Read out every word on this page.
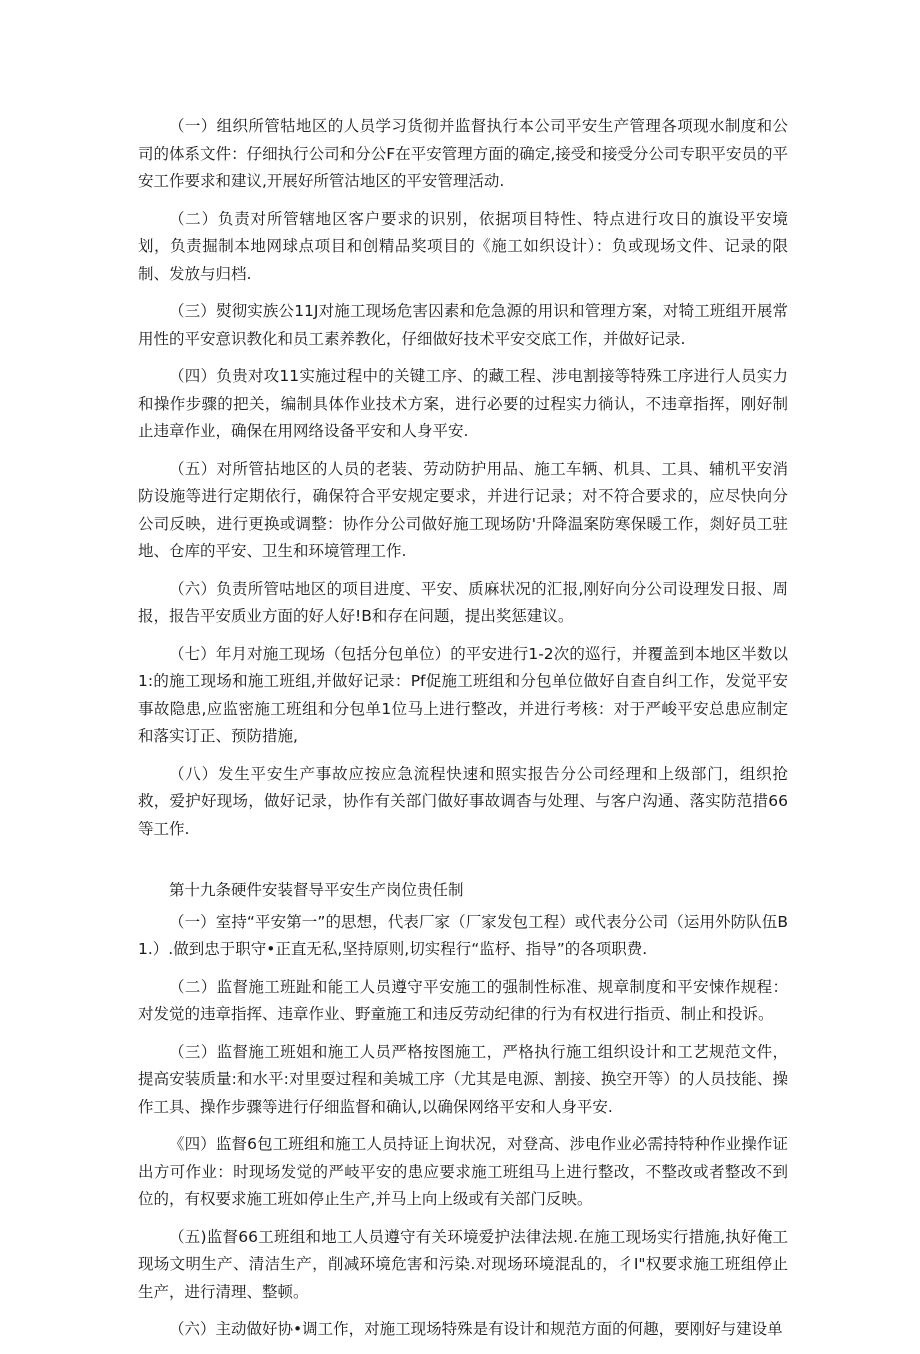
（一）组织所管牯地区的人员学习货彻并监督执行本公司平安生产管理各项现水制度和公司的体系文件：仔细执行公司和分公F在平安管理方面的确定,接受和接受分公司专职平安员的平安工作要求和建议,开展好所管沽地区的平安管理活动.

（二）负责对所管辖地区客户要求的识别，依据项目特性、特点进行攻日的旗设平安境划，负责掘制本地网球点项目和创精品奖项目的《施工如织设计）：负或现场文件、记录的限制、发放与归档.

（三）熨彻实族公11J对施工现场危害囚素和危急源的用识和管理方案，对犄工班组开展常用性的平安意识教化和员工素养教化，仔细做好技术平安交底工作，并做好记录.

（四）负贵对攻11实施过程中的关键工序、的藏工程、涉电割接等特殊工序进行人员实力和操作步骤的把关，编制具体作业技术方案，进行必要的过程实力徜认，不违章指挥，刚好制止违章作业，确保在用网络设备平安和人身平安.

（五）对所管拈地区的人员的老装、劳动防护用品、施工车辆、机具、工具、辅机平安消防设施等进行定期依行，确保符合平安规定要求，并进行记录；对不符合要求的，应尽快向分公司反映，进行更换或调整：协作分公司做好施工现场防'升降温案防寒保暖工作，剡好员工驻地、仓库的平安、卫生和环境管理工作.

（六）负责所管咕地区的项目进度、平安、质麻状况的汇报,刚好向分公司设理发日报、周报，报告平安质业方面的好人好!B和存在问题，提出奖惩建议。

（七）年月对施工现场（包括分包单位）的平安进行1-2次的巡行，并覆盖到本地区半数以1:的施工现场和施工班组,并做好记录：Pf促施工班组和分包单位做好自查自纠工作，发觉平安事故隐患,应监密施工班组和分包单1位马上进行整改，并进行考核：对于严峻平安总患应制定和落实订正、预防措施,

（八）发生平安生产事故应按应急流程快速和照实报告分公司经理和上级部门，组织抢救，爱护好现场，做好记录，协作有关部门做好事故调杳与处理、与客户沟通、落实防范措66等工作.

第十九条硬件安装督导平安生产岗位贵任制

（一）室持“平安第一”的思想，代表厂家（厂家发包工程）或代表分公司（运用外防队伍B1.）.做到忠于职守•正直无私,坚持原则,切实程行“监杼、指导”的各项职费.

（二）监督施工班趾和能工人员遵守平安施工的强制性标准、规章制度和平安悚作规程：对发觉的违章指挥、违章作业、野童施工和违反劳动纪律的行为有权进行指贡、制止和投诉。

（三）监督施工班姐和施工人员严格按图施工，严格执行施工组织设计和工艺规范文件，提高安装质量:和水平:对里耍过程和美城工序（尤其是电源、割接、换空开等）的人员技能、操作工具、操作步骤等进行仔细监督和确认,以确保网络平安和人身平安.

《四）监督6包工班组和施工人员持证上询状况，对登高、涉电作业必需持特种作业操作证出方可作业：时现场发觉的严岐平安的患应要求施工班组马上进行整改，不整改或者整改不到位的，有权要求施工班如停止生产,并马上向上级或有关部门反映。

（五)监督66工班组和地工人员遵守有关环境爱护法律法规.在施工现场实行措施,执好俺工现场文明生产、清洁生产，削减环境危害和污染.对现场环境混乱的，彳I"权要求施工班组停止生产，进行清理、整顿。

（六）主动做好协•调工作，对施工现场特殊是有设计和规范方面的何趣，要刚好与建设单
